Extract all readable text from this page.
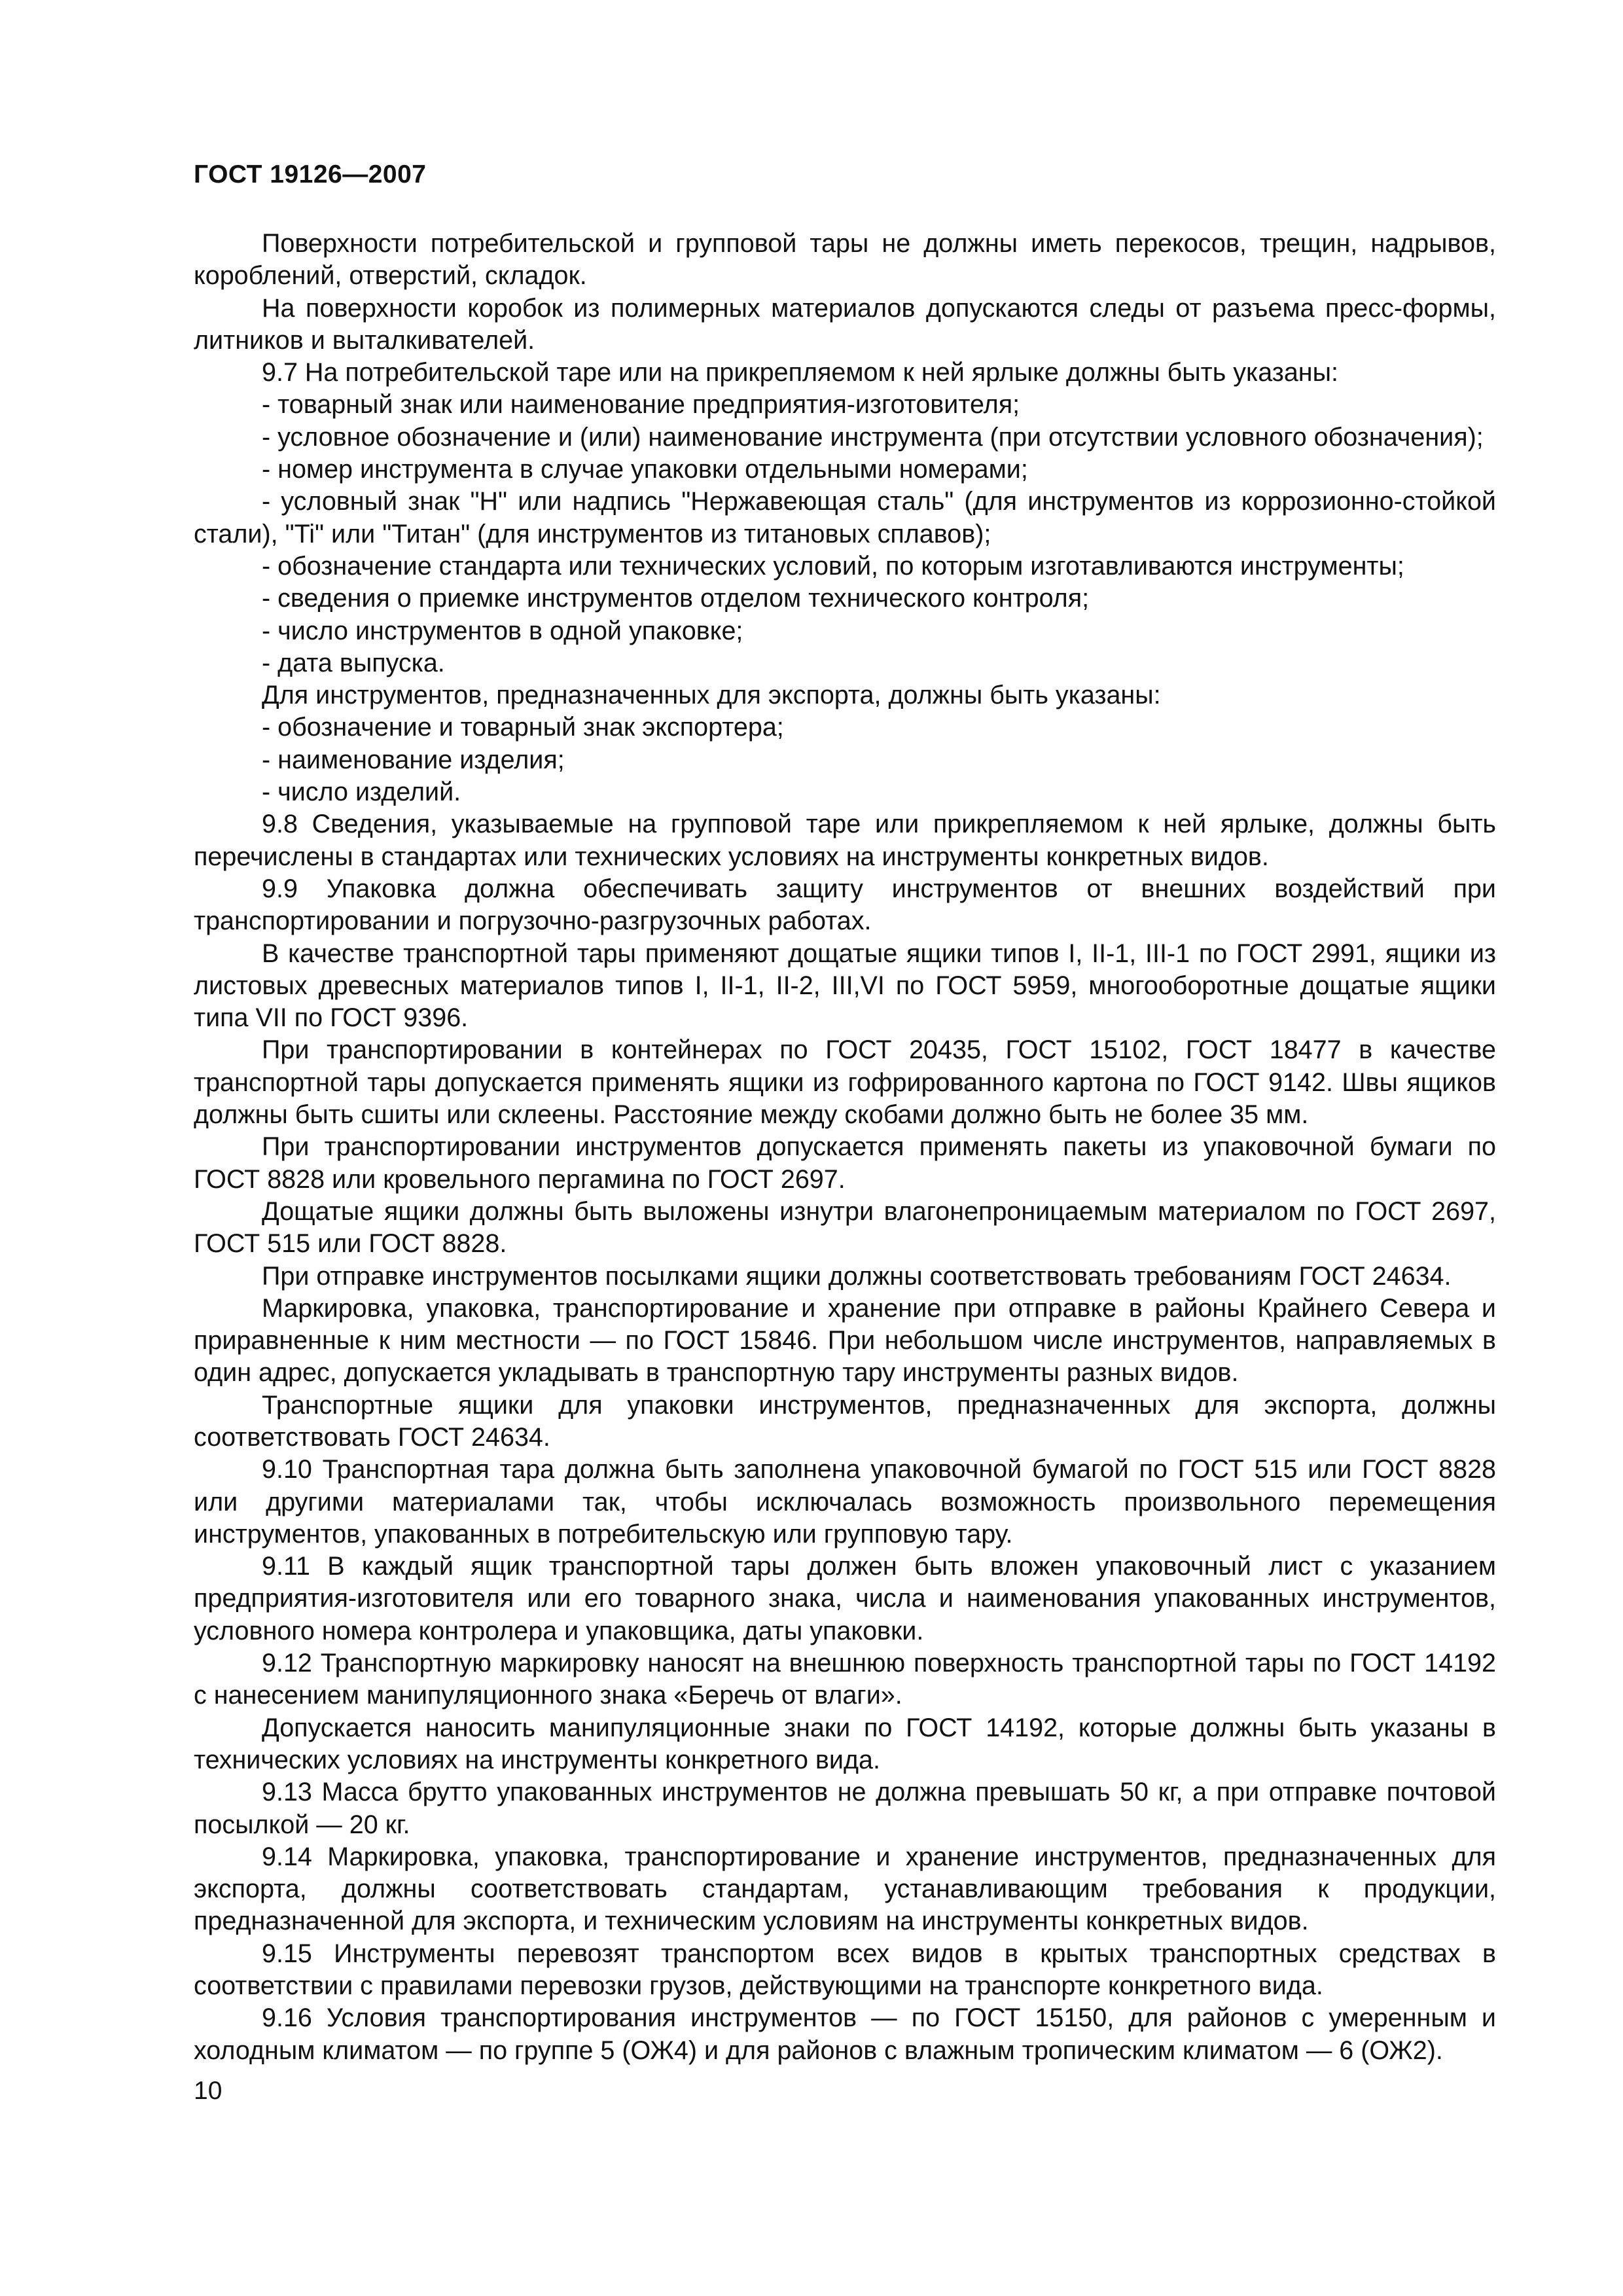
ГОСТ 19126—2007

Поверхности потребительской и групповой тары не должны иметь перекосов, трещин, надрывов, короблений, отверстий, складок.

На поверхности коробок из полимерных материалов допускаются следы от разъема пресс-формы, литников и выталкивателей.

9.7 На потребительской таре или на прикрепляемом к ней ярлыке должны быть указаны:

- товарный знак или наименование предприятия-изготовителя;

- условное обозначение и (или) наименование инструмента (при отсутствии условного обозначения);

- номер инструмента в случае упаковки отдельными номерами;

- условный знак "Н" или надпись "Нержавеющая сталь" (для инструментов из коррозионно-стойкой стали), "Ti" или "Титан" (для инструментов из титановых сплавов);

- обозначение стандарта или технических условий, по которым изготавливаются инструменты;

- сведения о приемке инструментов отделом технического контроля;

- число инструментов в одной упаковке;

- дата выпуска.

Для инструментов, предназначенных для экспорта, должны быть указаны:

- обозначение и товарный знак экспортера;

- наименование изделия;

- число изделий.

9.8 Сведения, указываемые на групповой таре или прикрепляемом к ней ярлыке, должны быть перечислены в стандартах или технических условиях на инструменты конкретных видов.

9.9 Упаковка должна обеспечивать защиту инструментов от внешних воздействий при транспортировании и погрузочно-разгрузочных работах.

В качестве транспортной тары применяют дощатые ящики типов I, II-1, III-1 по ГОСТ 2991, ящики из листовых древесных материалов типов I, II-1, II-2, III,VI по ГОСТ 5959, многооборотные дощатые ящики типа VII по ГОСТ 9396.

При транспортировании в контейнерах по ГОСТ 20435, ГОСТ 15102, ГОСТ 18477 в качестве транспортной тары допускается применять ящики из гофрированного картона по ГОСТ 9142. Швы ящиков должны быть сшиты или склеены. Расстояние между скобами должно быть не более 35 мм.

При транспортировании инструментов допускается применять пакеты из упаковочной бумаги по ГОСТ 8828 или кровельного пергамина по ГОСТ 2697.

Дощатые ящики должны быть выложены изнутри влагонепроницаемым материалом по ГОСТ 2697, ГОСТ 515 или ГОСТ 8828.

При отправке инструментов посылками ящики должны соответствовать требованиям ГОСТ 24634.

Маркировка, упаковка, транспортирование и хранение при отправке в районы Крайнего Севера и приравненные к ним местности — по ГОСТ 15846. При небольшом числе инструментов, направляемых в один адрес, допускается укладывать в транспортную тару инструменты разных видов.

Транспортные ящики для упаковки инструментов, предназначенных для экспорта, должны соответствовать ГОСТ 24634.

9.10 Транспортная тара должна быть заполнена упаковочной бумагой по ГОСТ 515 или ГОСТ 8828 или другими материалами так, чтобы исключалась возможность произвольного перемещения инструментов, упакованных в потребительскую или групповую тару.

9.11 В каждый ящик транспортной тары должен быть вложен упаковочный лист с указанием предприятия-изготовителя или его товарного знака, числа и наименования упакованных инструментов, условного номера контролера и упаковщика, даты упаковки.

9.12 Транспортную маркировку наносят на внешнюю поверхность транспортной тары по ГОСТ 14192 с нанесением манипуляционного знака «Беречь от влаги».

Допускается наносить манипуляционные знаки по ГОСТ 14192, которые должны быть указаны в технических условиях на инструменты конкретного вида.

9.13 Масса брутто упакованных инструментов не должна превышать 50 кг, а при отправке почтовой посылкой — 20 кг.

9.14 Маркировка, упаковка, транспортирование и хранение инструментов, предназначенных для экспорта, должны соответствовать стандартам, устанавливающим требования к продукции, предназначенной для экспорта, и техническим условиям на инструменты конкретных видов.

9.15 Инструменты перевозят транспортом всех видов в крытых транспортных средствах в соответствии с правилами перевозки грузов, действующими на транспорте конкретного вида.

9.16 Условия транспортирования инструментов — по ГОСТ 15150, для районов с умеренным и холодным климатом — по группе 5 (ОЖ4) и для районов с влажным тропическим климатом — 6 (ОЖ2).

10
